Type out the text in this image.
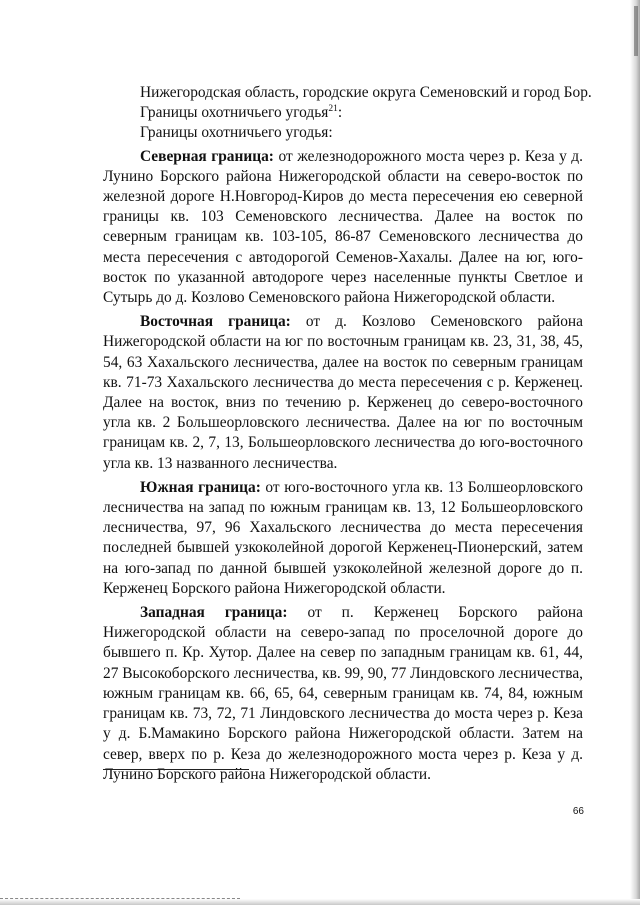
Нижегородская область, городские округа Семеновский и город Бор.
Границы охотничьего угодья$^{21}$:
Границы охотничьего угодья:

Северная граница: от железнодорожного моста через р. Кеза у д. Лунино Борского района Нижегородской области на северо-восток по железной дороге Н.Новгород-Киров до места пересечения ею северной границы кв. 103 Семеновского лесничества. Далее на восток по северным границам кв. 103-105, 86-87 Семеновского лесничества до места пересечения с автодорогой Семенов-Хахалы. Далее на юг, юго-восток по указанной автодороге через населенные пункты Светлое и Сутырь до д. Козлово Семеновского района Нижегородской области.

Восточная граница: от д. Козлово Семеновского района Нижегородской области на юг по восточным границам кв. 23, 31, 38, 45, 54, 63 Хахальского лесничества, далее на восток по северным границам кв. 71-73 Хахальского лесничества до места пересечения с р. Керженец. Далее на восток, вниз по течению р. Керженец до северо-восточного угла кв. 2 Большеорловского лесничества. Далее на юг по восточным границам кв. 2, 7, 13, Большеорловского лесничества до юго-восточного угла кв. 13 названного лесничества.

Южная граница: от юго-восточного угла кв. 13 Болшеорловского лесничества на запад по южным границам кв. 13, 12 Большеорловского лесничества, 97, 96 Хахальского лесничества до места пересечения последней бывшей узкоколейной дорогой Керженец-Пионерский, затем на юго-запад по данной бывшей узкоколейной железной дороге до п. Керженец Борского района Нижегородской области.

Западная граница: от п. Керженец Борского района Нижегородской области на северо-запад по проселочной дороге до бывшего п. Кр. Хутор. Далее на север по западным границам кв. 61, 44, 27 Высокоборского лесничества, кв. 99, 90, 77 Линдовского лесничества, южным границам кв. 66, 65, 64, северным границам кв. 74, 84, южным границам кв. 73, 72, 71 Линдовского лесничества до моста через р. Кеза у д. Б.Мамакино Борского района Нижегородской области. Затем на север, вверх по р. Кеза до железнодорожного моста через р. Кеза у д. Лунино Борского района Нижегородской области.

66
